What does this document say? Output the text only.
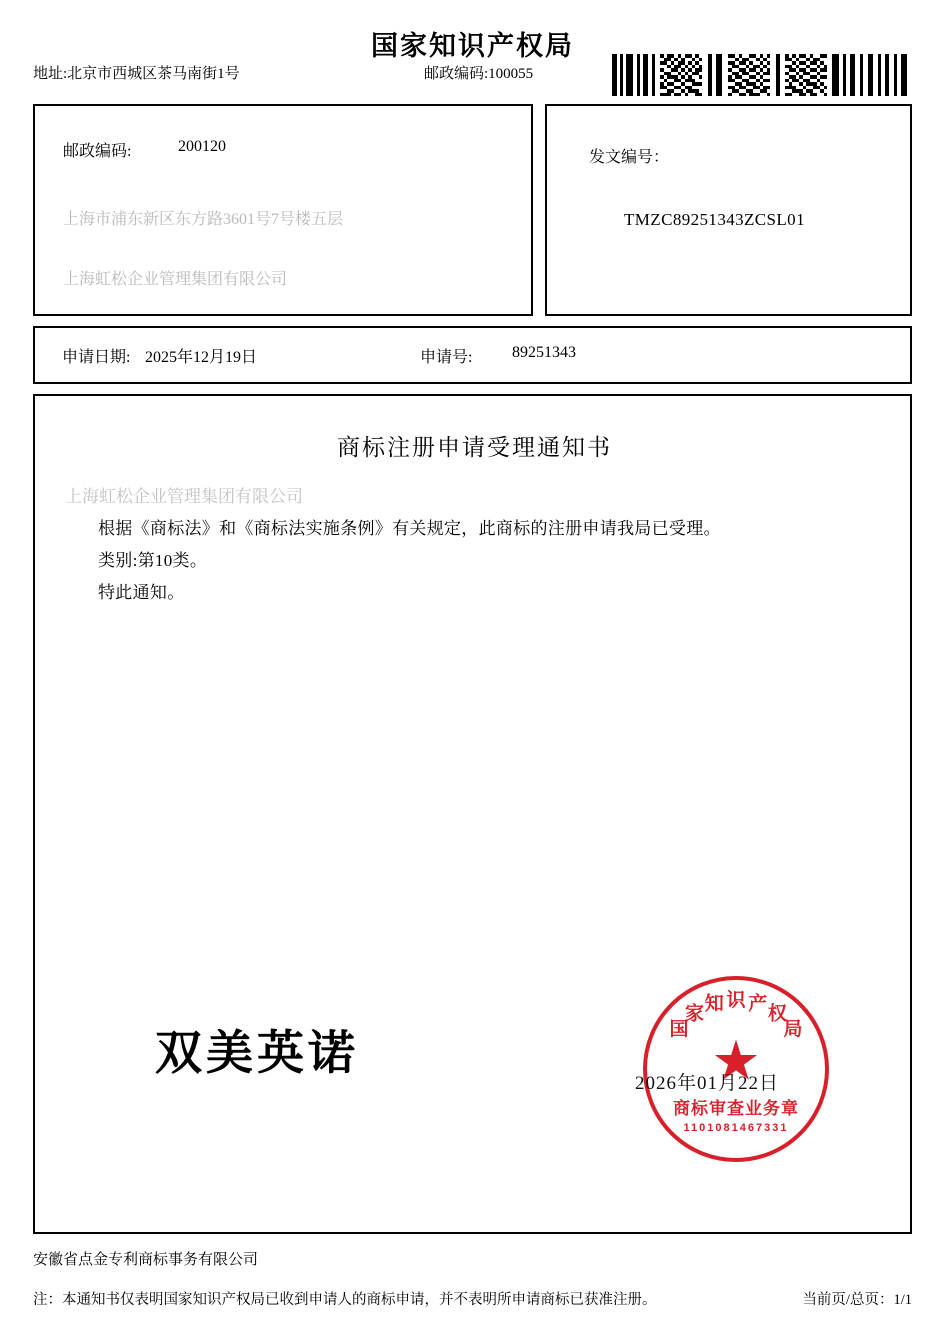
国家知识产权局
地址:北京市西城区茶马南街1号	邮政编码:100055
邮政编码:	200120
上海市浦东新区东方路3601号7号楼五层
上海虹松企业管理集团有限公司
发文编号：
TMZC89251343ZCSL01
申请日期: 2025年12月19日	申请号: 89251343
商标注册申请受理通知书
上海虹松企业管理集团有限公司
根据《商标法》和《商标法实施条例》有关规定，此商标的注册申请我局已受理。
类别:第10类。
特此通知。
双美英诺	国
家 知 识 产 权
局
商标审查业务章
1101081467331
2026年01月22日
安徽省点金专利商标事务有限公司
注：本通知书仅表明国家知识产权局已收到申请人的商标申请，并不表明所申请商标已获准注册。	当前页/总页：1/1
